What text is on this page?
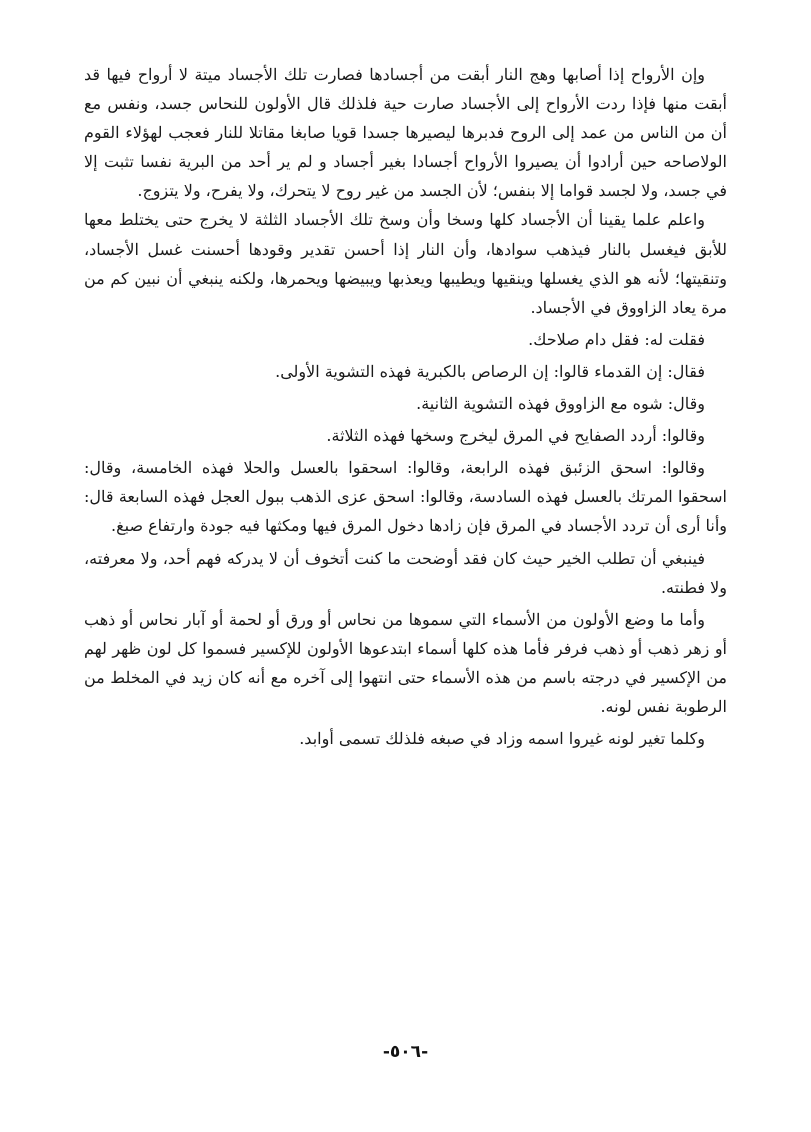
وإن الأرواح إذا أصابها وهج النار أبقت من أجسادها فصارت تلك الأجساد ميتة لا أرواح فيها قد أبقت منها فإذا ردت الأرواح إلى الأجساد صارت حية فلذلك قال الأولون للنحاس جسد، ونفس مع أن من الناس من عمد إلى الروح فدبرها ليصيرها جسدا قويا صابغا مقاتلا للنار فعجب لهؤلاء القوم الولاصاحه حين أرادوا أن يصيروا الأرواح أجسادا بغير أجساد و لم ير أحد من البرية نفسا تثبت إلا في جسد، ولا لجسد قواما إلا بنفس؛ لأن الجسد من غير روح لا يتحرك، ولا يفرح، ولا يتزوج.

واعلم علما يقينا أن الأجساد كلها وسخا وأن وسخ تلك الأجساد الثلثة لا يخرج حتى يختلط معها للأبق فيغسل بالنار فيذهب سوادها، وأن النار إذا أحسن تقدير وقودها أحسنت غسل الأجساد، وتنقيتها؛ لأنه هو الذي يغسلها وينقيها ويطيبها ويعذبها ويبيضها ويحمرها، ولكنه ينبغي أن نبين كم من مرة يعاد الزاووق في الأجساد.

فقلت له: فقل دام صلاحك.

فقال: إن القدماء قالوا: إن الرصاص بالكبرية فهذه التشوية الأولى.

وقال: شوه مع الزاووق فهذه التشوية الثانية.

وقالوا: أردد الصفايح في المرق ليخرج وسخها فهذه الثلاثة.

وقالوا: اسحق الزئبق فهذه الرابعة، وقالوا: اسحقوا بالعسل والحلا فهذه الخامسة، وقال: اسحقوا المرتك بالعسل فهذه السادسة، وقالوا: اسحق عزى الذهب ببول العجل فهذه السابعة قال: وأنا أرى أن تردد الأجساد في المرق فإن زادها دخول المرق فيها ومكثها فيه جودة وارتفاع صبغ.

فينبغي أن تطلب الخير حيث كان فقد أوضحت ما كنت أتخوف أن لا يدركه فهم أحد، ولا معرفته، ولا فطنته.

وأما ما وضع الأولون من الأسماء التي سموها من نحاس أو ورق أو لحمة أو آبار نحاس أو ذهب أو زهر ذهب أو ذهب فرفر فأما هذه كلها أسماء ابتدعوها الأولون للإكسير فسموا كل لون ظهر لهم من الإكسير في درجته باسم من هذه الأسماء حتى انتهوا إلى آخره مع أنه كان زيد في المخلط من الرطوبة نفس لونه.

وكلما تغير لونه غيروا اسمه وزاد في صبغه فلذلك تسمى أوابد.

-٥٠٦-
